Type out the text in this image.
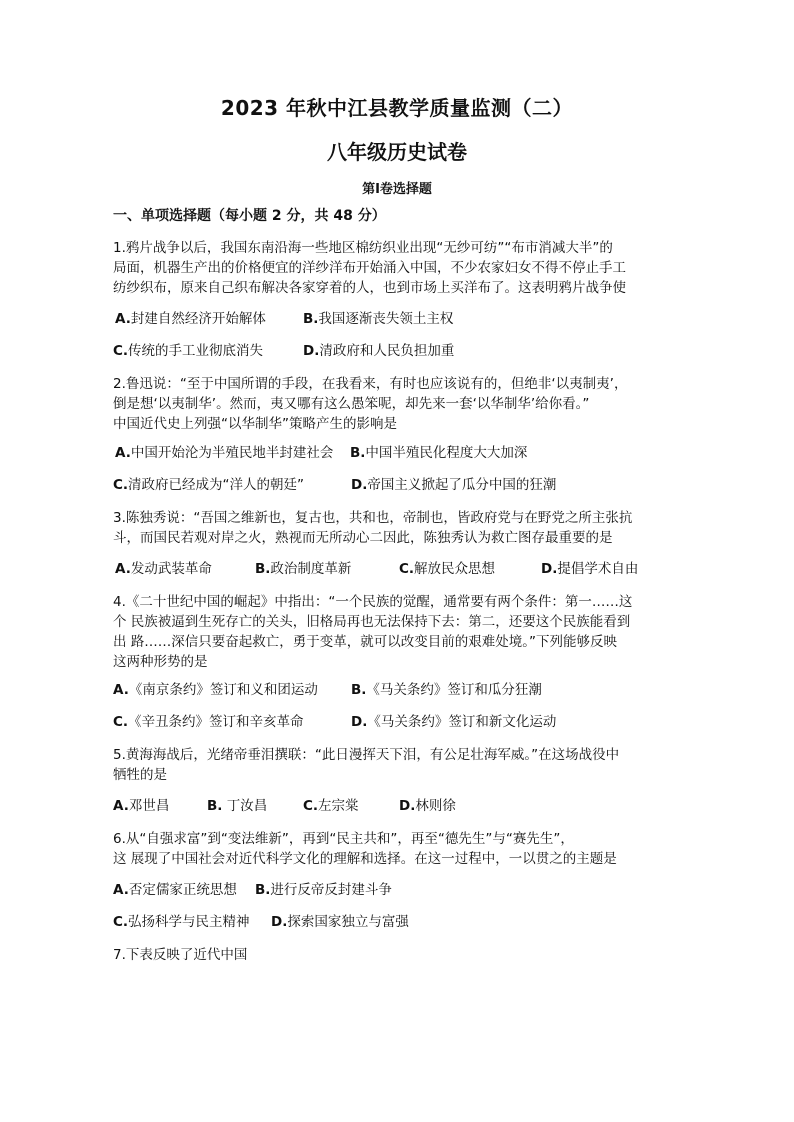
2023 年秋中江县教学质量监测（二）
八年级历史试卷
第Ⅰ卷选择题
一、单项选择题（每小题 2 分，共 48 分）
1.鸦片战争以后，我国东南沿海一些地区棉纺织业出现“无纱可纺”“布市消减大半”的
局面，机器生产出的价格便宜的洋纱洋布开始涌入中国，不少农家妇女不得不停止手工
纺纱织布，原来自己织布解决各家穿着的人，也到市场上买洋布了。这表明鸦片战争使
A.封建自然经济开始解体	B.我国逐渐丧失领土主权
C.传统的手工业彻底消失	D.清政府和人民负担加重
2.鲁迅说：“至于中国所谓的手段，在我看来，有时也应该说有的，但绝非‘以夷制夷’，
倒是想‘以夷制华’。然而，夷又哪有这么愚笨呢，却先来一套‘以华制华’给你看。”
中国近代史上列强“以华制华”策略产生的影响是
A.中国开始沦为半殖民地半封建社会 B.中国半殖民化程度大大加深
C.清政府已经成为“洋人的朝廷”	D.帝国主义掀起了瓜分中国的狂潮
3.陈独秀说：“吾国之维新也，复古也，共和也，帝制也，皆政府党与在野党之所主张抗
斗，而国民若观对岸之火，熟视而无所动心二因此，陈独秀认为救亡图存最重要的是
A.发动武装革命	B.政治制度革新	C.解放民众思想	D.提倡学术自由
4.《二十世纪中国的崛起》中指出：“一个民族的觉醒，通常要有两个条件：第一……这
个 民族被逼到生死存亡的关头，旧格局再也无法保持下去：第二，还要这个民族能看到
出 路……深信只要奋起救亡，勇于变革，就可以改变目前的艰难处境。”下列能够反映
这两种形势的是
A.《南京条约》签订和义和团运动 B.《马关条约》签订和瓜分狂潮
C.《辛丑条约》签订和辛亥革命	D.《马关条约》签订和新文化运动
5.黄海海战后，光绪帝垂泪撰联：“此日漫挥天下泪，有公足壮海军威。”在这场战役中
牺牲的是
A.邓世昌	B. 丁汝昌	C.左宗棠	D.林则徐
6.从“自强求富”到“变法维新”，再到“民主共和”，再至“德先生”与“赛先生”，
这 展现了中国社会对近代科学文化的理解和选择。在这一过程中，一以贯之的主题是
A.否定儒家正统思想 B.进行反帝反封建斗争
C.弘扬科学与民主精神 D.探索国家独立与富强
7.下表反映了近代中国
